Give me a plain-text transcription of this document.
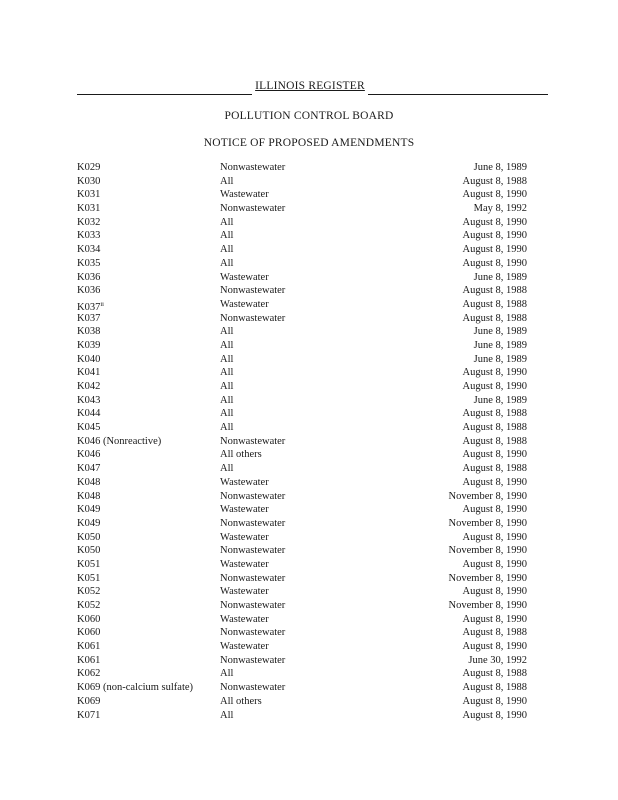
ILLINOIS REGISTER
POLLUTION CONTROL BOARD
NOTICE OF PROPOSED AMENDMENTS
K029	Nonwastewater	June 8, 1989
K030	All	August 8, 1988
K031	Wastewater	August 8, 1990
K031	Nonwastewater	May 8, 1992
K032	All	August 8, 1990
K033	All	August 8, 1990
K034	All	August 8, 1990
K035	All	August 8, 1990
K036	Wastewater	June 8, 1989
K036	Nonwastewater	August 8, 1988
K037$^{ii}$	Wastewater	August 8, 1988
K037	Nonwastewater	August 8, 1988
K038	All	June 8, 1989
K039	All	June 8, 1989
K040	All	June 8, 1989
K041	All	August 8, 1990
K042	All	August 8, 1990
K043	All	June 8, 1989
K044	All	August 8, 1988
K045	All	August 8, 1988
K046 (Nonreactive)	Nonwastewater	August 8, 1988
K046	All others	August 8, 1990
K047	All	August 8, 1988
K048	Wastewater	August 8, 1990
K048	Nonwastewater	November 8, 1990
K049	Wastewater	August 8, 1990
K049	Nonwastewater	November 8, 1990
K050	Wastewater	August 8, 1990
K050	Nonwastewater	November 8, 1990
K051	Wastewater	August 8, 1990
K051	Nonwastewater	November 8, 1990
K052	Wastewater	August 8, 1990
K052	Nonwastewater	November 8, 1990
K060	Wastewater	August 8, 1990
K060	Nonwastewater	August 8, 1988
K061	Wastewater	August 8, 1990
K061	Nonwastewater	June 30, 1992
K062	All	August 8, 1988
K069 (non-calcium sulfate)	Nonwastewater	August 8, 1988
K069	All others	August 8, 1990
K071	All	August 8, 1990
